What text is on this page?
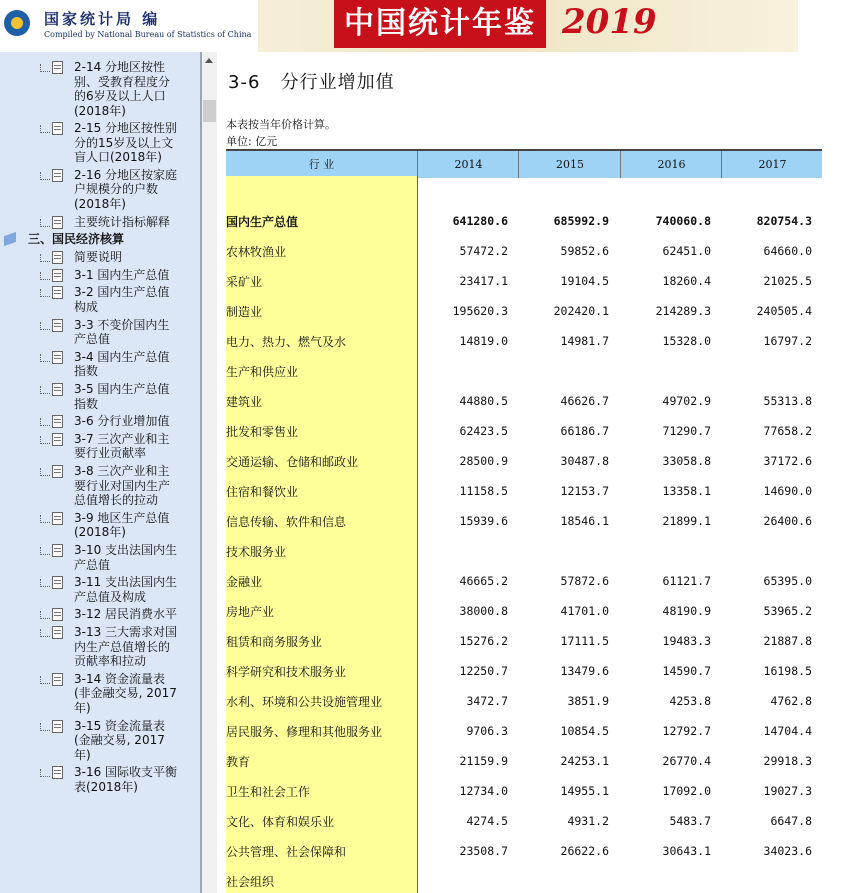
国家统计局 编
Compiled by National Bureau of Statistics of China	中国统计年鉴 2019
2-14 分地区按性
别、受教育程度分
的6岁及以上人口
(2018年)
2-15 分地区按性别
分的15岁及以上文
盲人口(2018年)
2-16 分地区按家庭
户规模分的户数
(2018年)
主要统计指标解释
三、国民经济核算
简要说明
3-1 国内生产总值
3-2 国内生产总值
构成
3-3 不变价国内生
产总值
3-4 国内生产总值
指数
3-5 国内生产总值
指数
3-6 分行业增加值
3-7 三次产业和主
要行业贡献率
3-8 三次产业和主
要行业对国内生产
总值增长的拉动
3-9 地区生产总值
(2018年)
3-10 支出法国内生
产总值
3-11 支出法国内生
产总值及构成
3-12 居民消费水平
3-13 三大需求对国
内生产总值增长的
贡献率和拉动
3-14 资金流量表
(非金融交易, 2017
年)
3-15 资金流量表
(金融交易, 2017
年)
3-16 国际收支平衡
表(2018年)
3-6 分行业增加值
本表按当年价格计算。
单位: 亿元
行 业	2014	2015	2016	2017
国内生产总值	641280.6	685992.9	740060.8	820754.3
农林牧渔业	57472.2	59852.6	62451.0	64660.0
采矿业	23417.1	19104.5	18260.4	21025.5
制造业	195620.3	202420.1	214289.3	240505.4
电力、热力、燃气及水	14819.0	14981.7	15328.0	16797.2
生产和供应业
建筑业	44880.5	46626.7	49702.9	55313.8
批发和零售业	62423.5	66186.7	71290.7	77658.2
交通运输、仓储和邮政业	28500.9	30487.8	33058.8	37172.6
住宿和餐饮业	11158.5	12153.7	13358.1	14690.0
信息传输、软件和信息	15939.6	18546.1	21899.1	26400.6
技术服务业
金融业	46665.2	57872.6	61121.7	65395.0
房地产业	38000.8	41701.0	48190.9	53965.2
租赁和商务服务业	15276.2	17111.5	19483.3	21887.8
科学研究和技术服务业	12250.7	13479.6	14590.7	16198.5
水利、环境和公共设施管理业	3472.7	3851.9	4253.8	4762.8
居民服务、修理和其他服务业	9706.3	10854.5	12792.7	14704.4
教育	21159.9	24253.1	26770.4	29918.3
卫生和社会工作	12734.0	14955.1	17092.0	19027.3
文化、体育和娱乐业	4274.5	4931.2	5483.7	6647.8
公共管理、社会保障和	23508.7	26622.6	30643.1	34023.6
社会组织
